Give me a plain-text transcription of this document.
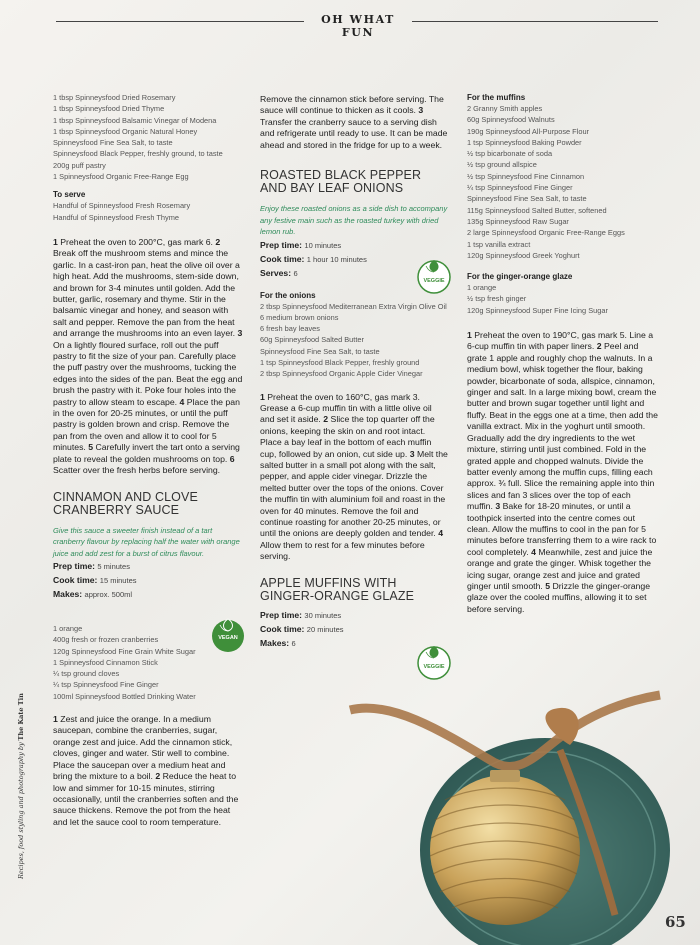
OH WHAT FUN
1 tbsp Spinneysfood Dried Rosemary
1 tbsp Spinneysfood Dried Thyme
1 tbsp Spinneysfood Balsamic Vinegar of Modena
1 tbsp Spinneysfood Organic Natural Honey
Spinneysfood Fine Sea Salt, to taste
Spinneysfood Black Pepper, freshly ground, to taste
200g puff pastry
1 Spinneysfood Organic Free-Range Egg
To serve
Handful of Spinneysfood Fresh Rosemary
Handful of Spinneysfood Fresh Thyme
1 Preheat the oven to 200°C, gas mark 6. 2 Break off the mushroom stems and mince the garlic. In a cast-iron pan, heat the olive oil over a high heat. Add the mushrooms, stem-side down, and brown for 3-4 minutes until golden. Add the butter, garlic, rosemary and thyme. Stir in the balsamic vinegar and honey, and season with salt and pepper. Remove the pan from the heat and arrange the mushrooms into an even layer. 3 On a lightly floured surface, roll out the puff pastry to fit the size of your pan. Carefully place the puff pastry over the mushrooms, tucking the edges into the sides of the pan. Beat the egg and brush the pastry with it. Poke four holes into the pastry to allow steam to escape. 4 Place the pan in the oven for 20-25 minutes, or until the puff pastry is golden brown and crisp. Remove the pan from the oven and allow it to cool for 5 minutes. 5 Carefully invert the tart onto a serving plate to reveal the golden mushrooms on top. 6 Scatter over the fresh herbs before serving.
CINNAMON AND CLOVE CRANBERRY SAUCE
Give this sauce a sweeter finish instead of a tart cranberry flavour by replacing half the water with orange juice and add zest for a burst of citrus flavour.
Prep time: 5 minutes
Cook time: 15 minutes
Makes: approx. 500ml
1 orange
400g fresh or frozen cranberries
120g Spinneysfood Fine Grain White Sugar
1 Spinneysfood Cinnamon Stick
¼ tsp ground cloves
¼ tsp Spinneysfood Fine Ginger
100ml Spinneysfood Bottled Drinking Water
1 Zest and juice the orange. In a medium saucepan, combine the cranberries, sugar, orange zest and juice. Add the cinnamon stick, cloves, ginger and water. Stir well to combine. Place the saucepan over a medium heat and bring the mixture to a boil. 2 Reduce the heat to low and simmer for 10-15 minutes, stirring occasionally, until the cranberries soften and the sauce thickens. Remove the pot from the heat and let the sauce cool to room temperature.
VEGAN
Remove the cinnamon stick before serving. The sauce will continue to thicken as it cools. 3 Transfer the cranberry sauce to a serving dish and refrigerate until ready to use. It can be made ahead and stored in the fridge for up to a week.
ROASTED BLACK PEPPER AND BAY LEAF ONIONS
Enjoy these roasted onions as a side dish to accompany any festive main such as the roasted turkey with dried lemon rub.
Prep time: 10 minutes
Cook time: 1 hour 10 minutes
Serves: 6
For the onions
2 tbsp Spinneysfood Mediterranean Extra Virgin Olive Oil
6 medium brown onions
6 fresh bay leaves
60g Spinneysfood Salted Butter
Spinneysfood Fine Sea Salt, to taste
1 tsp Spinneysfood Black Pepper, freshly ground
2 tbsp Spinneysfood Organic Apple Cider Vinegar
1 Preheat the oven to 160°C, gas mark 3. Grease a 6-cup muffin tin with a little olive oil and set it aside. 2 Slice the top quarter off the onions, keeping the skin on and root intact. Place a bay leaf in the bottom of each muffin cup, followed by an onion, cut side up. 3 Melt the salted butter in a small pot along with the salt, pepper, and apple cider vinegar. Drizzle the melted butter over the tops of the onions. Cover the muffin tin with aluminium foil and roast in the oven for 40 minutes. Remove the foil and continue roasting for another 20-25 minutes, or until the onions are deeply golden and tender. 4 Allow them to rest for a few minutes before serving.
APPLE MUFFINS WITH GINGER-ORANGE GLAZE
Prep time: 30 minutes
Cook time: 20 minutes
Makes: 6
VEGGIE
VEGGIE
For the muffins
2 Granny Smith apples
60g Spinneysfood Walnuts
190g Spinneysfood All-Purpose Flour
1 tsp Spinneysfood Baking Powder
½ tsp bicarbonate of soda
½ tsp ground allspice
½ tsp Spinneysfood Fine Cinnamon
¼ tsp Spinneysfood Fine Ginger
Spinneysfood Fine Sea Salt, to taste
115g Spinneysfood Salted Butter, softened
135g Spinneysfood Raw Sugar
2 large Spinneysfood Organic Free-Range Eggs
1 tsp vanilla extract
120g Spinneysfood Greek Yoghurt
For the ginger-orange glaze
1 orange
½ tsp fresh ginger
120g Spinneysfood Super Fine Icing Sugar
1 Preheat the oven to 190°C, gas mark 5. Line a 6-cup muffin tin with paper liners. 2 Peel and grate 1 apple and roughly chop the walnuts. In a medium bowl, whisk together the flour, baking powder, bicarbonate of soda, allspice, cinnamon, ginger and salt. In a large mixing bowl, cream the butter and brown sugar together until light and fluffy. Beat in the eggs one at a time, then add the vanilla extract. Mix in the yoghurt until smooth. Gradually add the dry ingredients to the wet mixture, stirring until just combined. Fold in the grated apple and chopped walnuts. Divide the batter evenly among the muffin cups, filling each approx. ¾ full. Slice the remaining apple into thin slices and fan 3 slices over the top of each muffin. 3 Bake for 18-20 minutes, or until a toothpick inserted into the centre comes out clean. Allow the muffins to cool in the pan for 5 minutes before transferring them to a wire rack to cool completely. 4 Meanwhile, zest and juice the orange and grate the ginger. Whisk together the icing sugar, orange zest and juice and grated ginger until smooth. 5 Drizzle the ginger-orange glaze over the cooled muffins, allowing it to set before serving.
Recipes, food styling and photography by The Kate Tin
65
